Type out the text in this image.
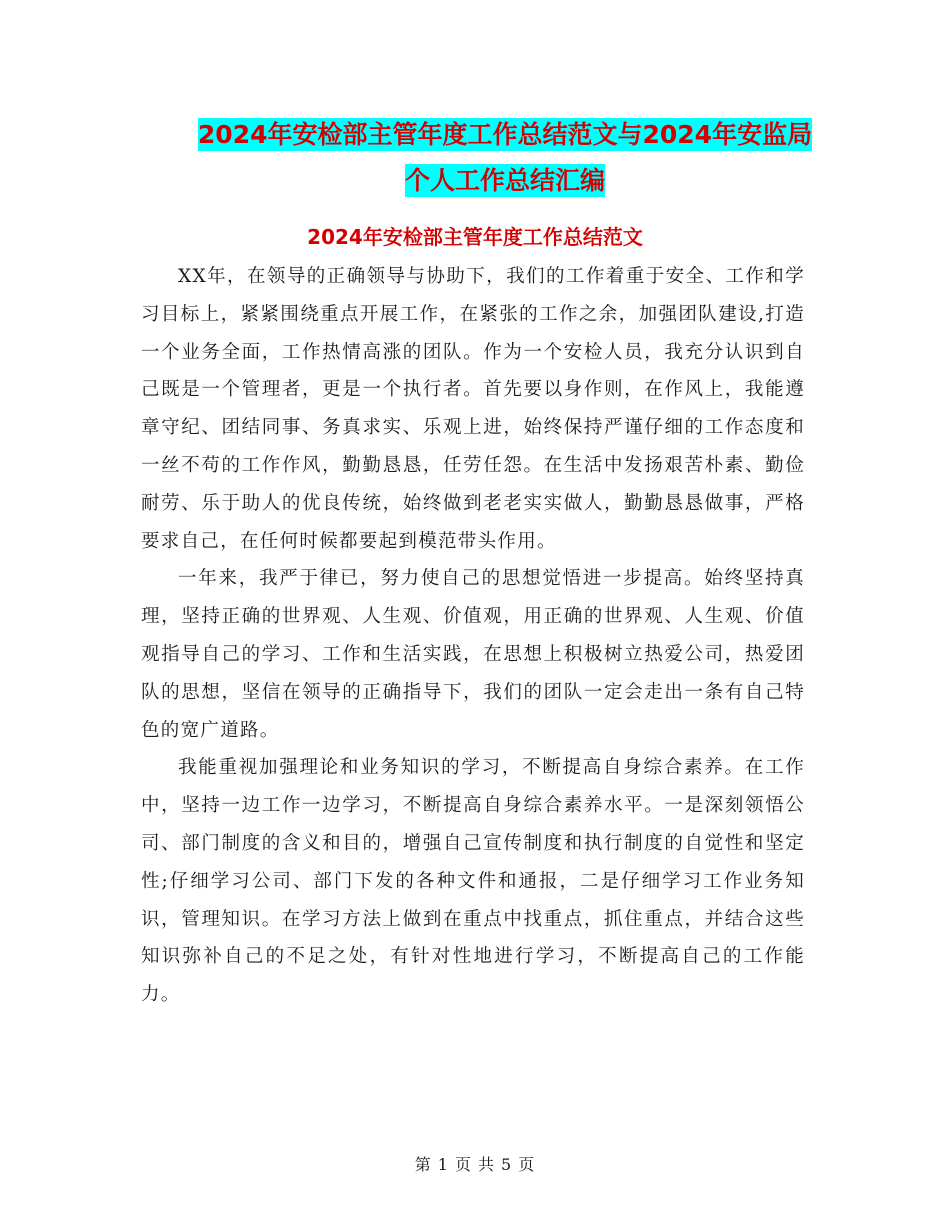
2024年安检部主管年度工作总结范文与2024年安监局
个人工作总结汇编
2024年安检部主管年度工作总结范文

XX年，在领导的正确领导与协助下，我们的工作着重于安全、工作和学习目标上，紧紧围绕重点开展工作，在紧张的工作之余，加强团队建设,打造一个业务全面，工作热情高涨的团队。作为一个安检人员，我充分认识到自己既是一个管理者，更是一个执行者。首先要以身作则，在作风上，我能遵章守纪、团结同事、务真求实、乐观上进，始终保持严谨仔细的工作态度和一丝不苟的工作作风，勤勤恳恳，任劳任怨。在生活中发扬艰苦朴素、勤俭耐劳、乐于助人的优良传统，始终做到老老实实做人，勤勤恳恳做事，严格要求自己，在任何时候都要起到模范带头作用。

一年来，我严于律已，努力使自己的思想觉悟进一步提高。始终坚持真理，坚持正确的世界观、人生观、价值观，用正确的世界观、人生观、价值观指导自己的学习、工作和生活实践，在思想上积极树立热爱公司，热爱团队的思想，坚信在领导的正确指导下，我们的团队一定会走出一条有自己特色的宽广道路。

我能重视加强理论和业务知识的学习，不断提高自身综合素养。在工作中，坚持一边工作一边学习，不断提高自身综合素养水平。一是深刻领悟公司、部门制度的含义和目的，增强自己宣传制度和执行制度的自觉性和坚定性;仔细学习公司、部门下发的各种文件和通报，二是仔细学习工作业务知识，管理知识。在学习方法上做到在重点中找重点，抓住重点，并结合这些知识弥补自己的不足之处，有针对性地进行学习，不断提高自己的工作能力。

第 1 页 共 5 页
